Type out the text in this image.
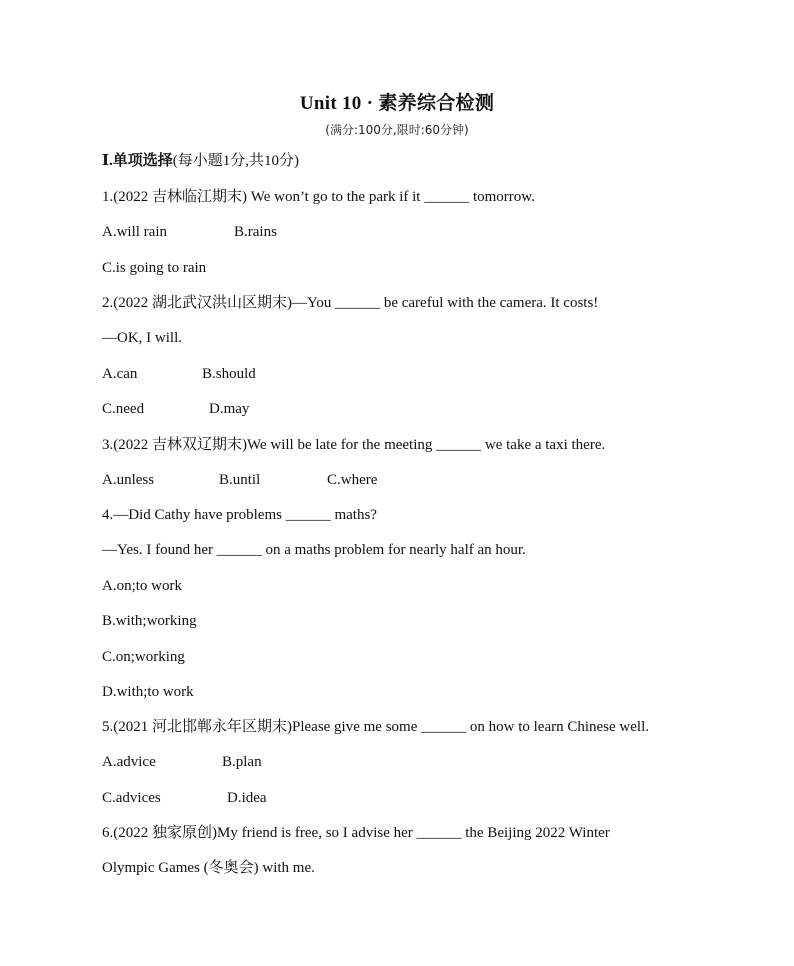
Unit 10 · 素养综合检测
(满分:100分,限时:60分钟)
Ⅰ.单项选择(每小题1分,共10分)
1.(2022 吉林临江期末) We won’t go to the park if it ______ tomorrow.
A.will rain	B.rains
C.is going to rain
2.(2022 湖北武汉洪山区期末)—You ______ be careful with the camera. It costs!
—OK, I will.
A.can	B.should
C.need	D.may
3.(2022 吉林双辽期末)We will be late for the meeting ______ we take a taxi there.
A.unless	B.until	C.where
4.—Did Cathy have problems ______ maths?
—Yes. I found her ______ on a maths problem for nearly half an hour.
A.on;to work
B.with;working
C.on;working
D.with;to work
5.(2021 河北邯郸永年区期末)Please give me some ______ on how to learn Chinese well.
A.advice	B.plan
C.advices	D.idea
6.(2022 独家原创)My friend is free, so I advise her ______ the Beijing 2022 Winter
Olympic Games (冬奥会) with me.
